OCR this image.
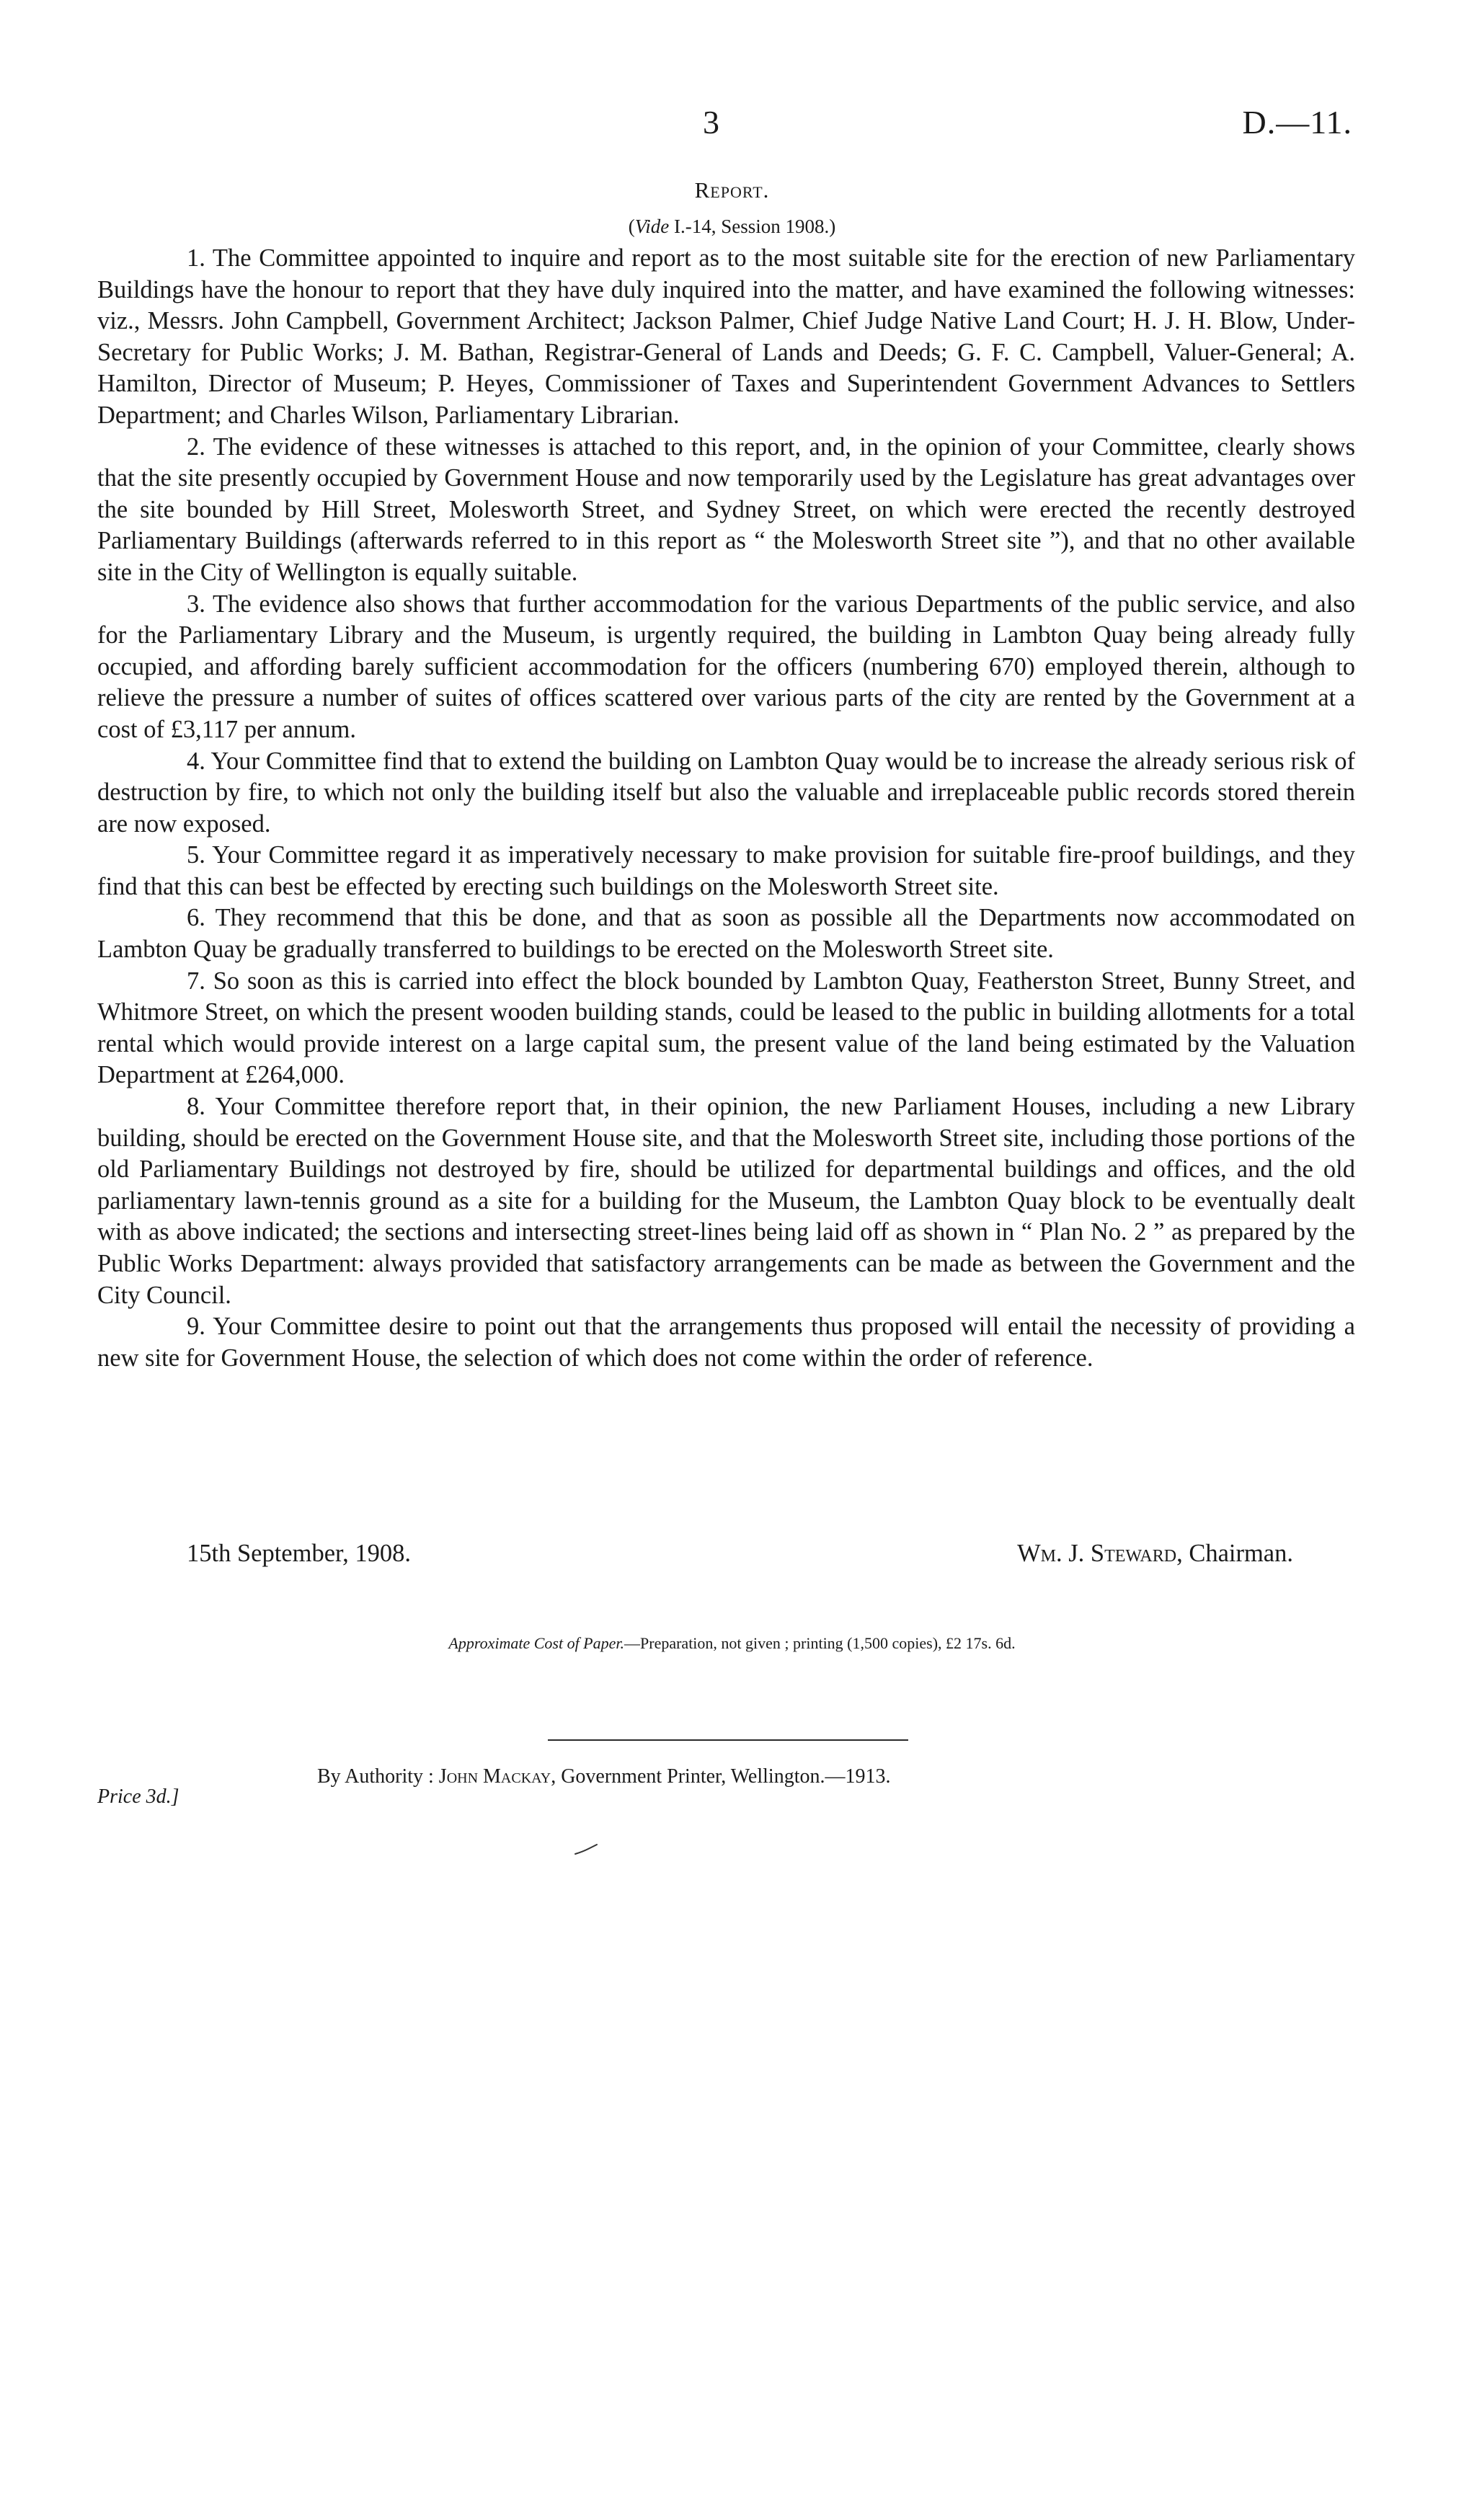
3	D.—11.
Report.
(Vide I.-14, Session 1908.)

1. The Committee appointed to inquire and report as to the most suitable site for the erection of new Parliamentary Buildings have the honour to report that they have duly inquired into the matter, and have examined the following witnesses: viz., Messrs. John Campbell, Government Architect; Jackson Palmer, Chief Judge Native Land Court; H. J. H. Blow, Under-Secretary for Public Works; J. M. Bathan, Registrar-General of Lands and Deeds; G. F. C. Campbell, Valuer-General; A. Hamilton, Director of Museum; P. Heyes, Commissioner of Taxes and Superintendent Government Advances to Settlers Department; and Charles Wilson, Parliamentary Librarian.

2. The evidence of these witnesses is attached to this report, and, in the opinion of your Committee, clearly shows that the site presently occupied by Government House and now temporarily used by the Legislature has great advantages over the site bounded by Hill Street, Molesworth Street, and Sydney Street, on which were erected the recently destroyed Parliamentary Buildings (afterwards referred to in this report as “ the Molesworth Street site ”), and that no other available site in the City of Wellington is equally suitable.

3. The evidence also shows that further accommodation for the various Departments of the public service, and also for the Parliamentary Library and the Museum, is urgently required, the building in Lambton Quay being already fully occupied, and affording barely sufficient accommodation for the officers (numbering 670) employed therein, although to relieve the pressure a number of suites of offices scattered over various parts of the city are rented by the Government at a cost of £3,117 per annum.

4. Your Committee find that to extend the building on Lambton Quay would be to increase the already serious risk of destruction by fire, to which not only the building itself but also the valuable and irreplaceable public records stored therein are now exposed.

5. Your Committee regard it as imperatively necessary to make provision for suitable fire-proof buildings, and they find that this can best be effected by erecting such buildings on the Molesworth Street site.

6. They recommend that this be done, and that as soon as possible all the Departments now accommodated on Lambton Quay be gradually transferred to buildings to be erected on the Molesworth Street site.

7. So soon as this is carried into effect the block bounded by Lambton Quay, Featherston Street, Bunny Street, and Whitmore Street, on which the present wooden building stands, could be leased to the public in building allotments for a total rental which would provide interest on a large capital sum, the present value of the land being estimated by the Valuation Department at £264,000.

8. Your Committee therefore report that, in their opinion, the new Parliament Houses, including a new Library building, should be erected on the Government House site, and that the Molesworth Street site, including those portions of the old Parliamentary Buildings not destroyed by fire, should be utilized for departmental buildings and offices, and the old parliamentary lawn-tennis ground as a site for a building for the Museum, the Lambton Quay block to be eventually dealt with as above indicated; the sections and intersecting street-lines being laid off as shown in “ Plan No. 2 ” as prepared by the Public Works Department: always provided that satisfactory arrangements can be made as between the Government and the City Council.

9. Your Committee desire to point out that the arrangements thus proposed will entail the necessity of providing a new site for Government House, the selection of which does not come within the order of reference.

15th September, 1908.	Wm. J. Steward, Chairman.
Approximate Cost of Paper.—Preparation, not given ; printing (1,500 copies), £2 17s. 6d.
By Authority : John Mackay, Government Printer, Wellington.—1913.
Price 3d.]
